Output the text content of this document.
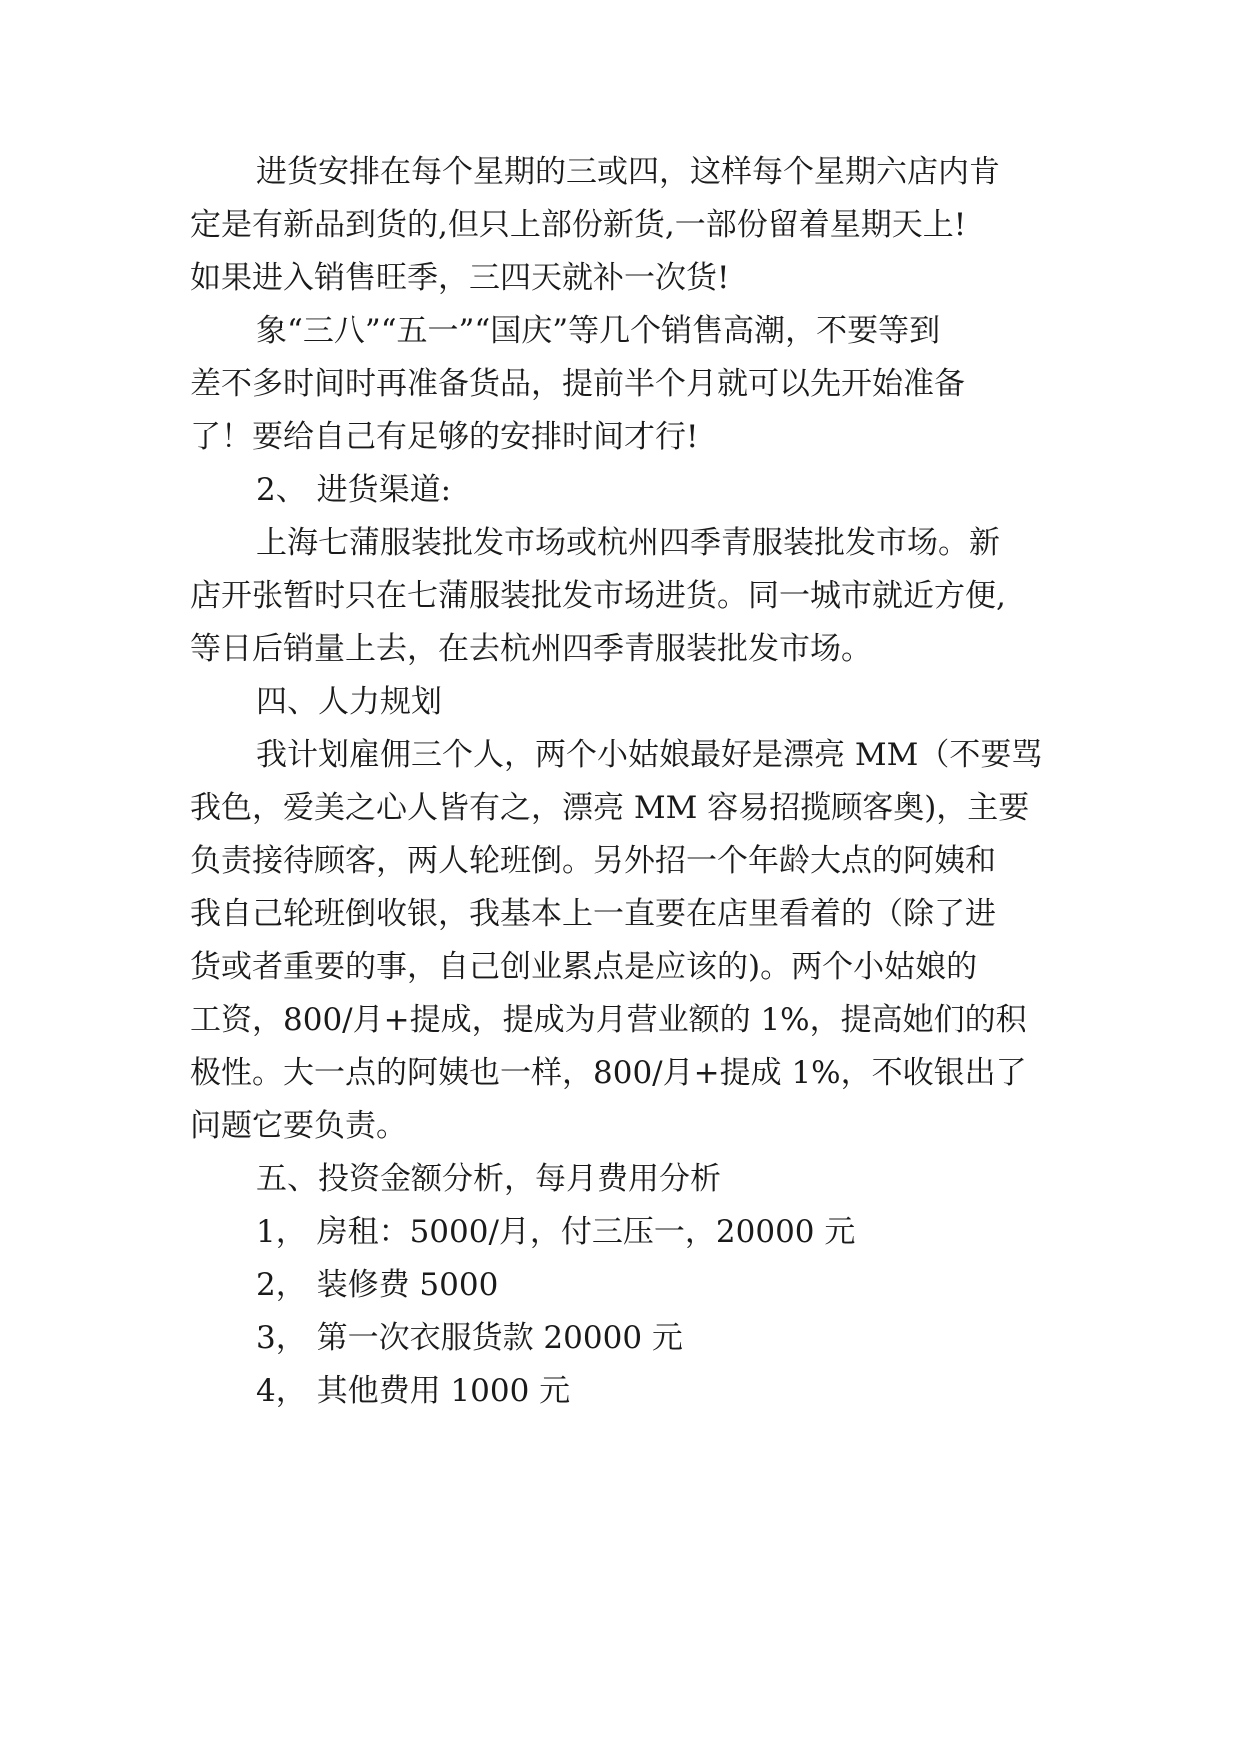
进货安排在每个星期的三或四，这样每个星期六店内肯
定是有新品到货的,但只上部份新货,一部份留着星期天上!
如果进入销售旺季，三四天就补一次货!
象“三八”“五一”“国庆”等几个销售高潮，不要等到
差不多时间时再准备货品，提前半个月就可以先开始准备
了！要给自己有足够的安排时间才行!
2、 进货渠道:
上海七蒲服装批发市场或杭州四季青服装批发市场。新
店开张暂时只在七蒲服装批发市场进货。同一城市就近方便,
等日后销量上去，在去杭州四季青服装批发市场。
四、人力规划
我计划雇佣三个人，两个小姑娘最好是漂亮 MM（不要骂
我色，爱美之心人皆有之，漂亮 MM 容易招揽顾客奥)，主要
负责接待顾客，两人轮班倒。另外招一个年龄大点的阿姨和
我自己轮班倒收银，我基本上一直要在店里看着的（除了进
货或者重要的事，自己创业累点是应该的)。两个小姑娘的
工资，800/月+提成，提成为月营业额的 1%，提高她们的积
极性。大一点的阿姨也一样，800/月+提成 1%，不收银出了
问题它要负责。
五、投资金额分析，每月费用分析
1， 房租：5000/月，付三压一，20000 元
2， 装修费 5000
3， 第一次衣服货款 20000 元
4， 其他费用 1000 元
